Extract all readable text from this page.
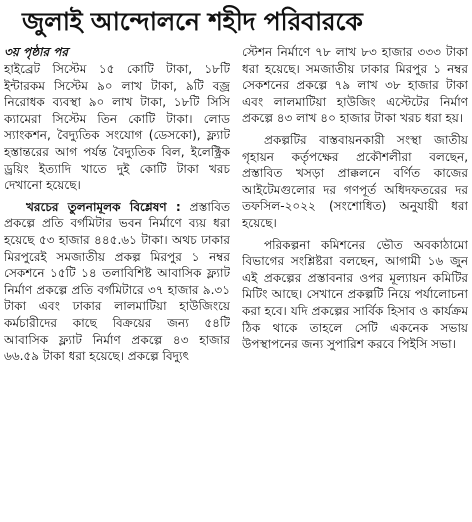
জুলাই আন্দোলনে শহীদ পরিবারকে
৩য় পৃষ্ঠার পর

হাইব্রেট সিস্টেম ১৫ কোটি টাকা, ১৮টি ইন্টারকম সিস্টেম ৯০ লাখ টাকা, ৯টি বজ্র নিরোধক ব্যবস্থা ৯০ লাখ টাকা, ১৮টি সিসি ক্যামেরা সিস্টেম তিন কোটি টাকা। লোড স্যাংকশন, বৈদ্যুতিক সংযোগ (ডেসকো), ফ্ল্যাট হস্তান্তরের আগ পর্যন্ত বৈদ্যুতিক বিল, ইলেক্ট্রিক ড্রয়িং ইত্যাদি খাতে দুই কোটি টাকা খরচ দেখানো হয়েছে।

খরচের তুলনামূলক বিশ্লেষণ : প্রস্তাবিত প্রকল্পে প্রতি বর্গমিটার ভবন নির্মাণে ব্যয় ধরা হয়েছে ৫৩ হাজার ৪৪৫.৬১ টাকা। অথচ ঢাকার মিরপুরেই সমজাতীয় প্রকল্প মিরপুর ১ নম্বর সেকশনে ১৫টি ১৪ তলাবিশিষ্ট আবাসিক ফ্ল্যাট নির্মাণ প্রকল্পে প্রতি বর্গমিটারে ৩৭ হাজার ৯.৩১ টাকা এবং ঢাকার লালমাটিয়া হাউজিংয়ে কর্মচারীদের কাছে বিক্রয়ের জন্য ৫৪টি আবাসিক ফ্ল্যাট নির্মাণ প্রকল্পে ৪৩ হাজার ৬৬.৫৯ টাকা ধরা হয়েছে। প্রকল্পে বিদ্যুৎ

স্টেশন নির্মাণে ৭৮ লাখ ৮৩ হাজার ৩৩৩ টাকা ধরা হয়েছে। সমজাতীয় ঢাকার মিরপুর ১ নম্বর সেকশনের প্রকল্পে ৭৯ লাখ ৩৮ হাজার টাকা এবং লালমাটিয়া হাউজিং এস্টেটের নির্মাণ প্রকল্পে ৪৩ লাখ ৪০ হাজার টাকা খরচ ধরা হয়।

প্রকল্পটির বাস্তবায়নকারী সংস্থা জাতীয় গৃহায়ন কর্তৃপক্ষের প্রকৌশলীরা বলছেন, প্রস্তাবিত খসড়া প্রাক্কলনে বর্ণিত কাজের আইটেমগুলোর দর গণপূর্ত অধিদফতরের দর তফসিল-২০২২ (সংশোধিত) অনুযায়ী ধরা হয়েছে।

পরিকল্পনা কমিশনের ভৌত অবকাঠামো বিভাগের সংশ্লিষ্টরা বলছেন, আগামী ১৬ জুন এই প্রকল্পের প্রস্তাবনার ওপর মূল্যায়ন কমিটির মিটিং আছে। সেখানে প্রকল্পটি নিয়ে পর্যালোচনা করা হবে। যদি প্রকল্পের সার্বিক হিসাব ও কার্যক্রম ঠিক থাকে তাহলে সেটি একনেক সভায় উপস্থাপনের জন্য সুপারিশ করবে পিইসি সভা।
